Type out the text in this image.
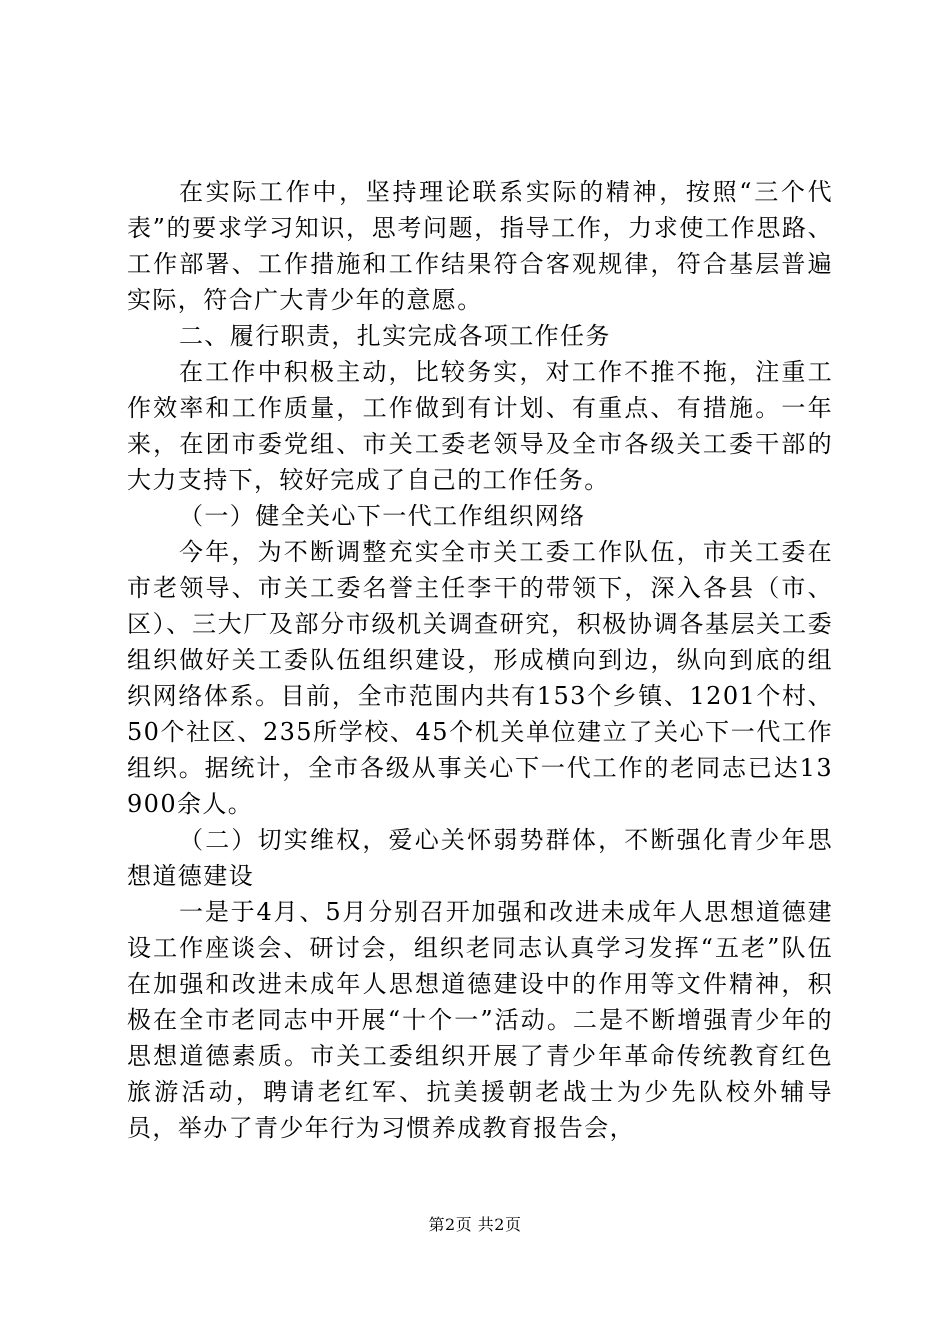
在实际工作中，坚持理论联系实际的精神，按照“三个代表”的要求学习知识，思考问题，指导工作，力求使工作思路、工作部署、工作措施和工作结果符合客观规律，符合基层普遍实际，符合广大青少年的意愿。

二、履行职责，扎实完成各项工作任务

在工作中积极主动，比较务实，对工作不推不拖，注重工作效率和工作质量，工作做到有计划、有重点、有措施。一年来，在团市委党组、市关工委老领导及全市各级关工委干部的大力支持下，较好完成了自己的工作任务。

（一）健全关心下一代工作组织网络

今年，为不断调整充实全市关工委工作队伍，市关工委在市老领导、市关工委名誉主任李干的带领下，深入各县（市、区）、三大厂及部分市级机关调查研究，积极协调各基层关工委组织做好关工委队伍组织建设，形成横向到边，纵向到底的组织网络体系。目前，全市范围内共有153个乡镇、1201个村、50个社区、235所学校、45个机关单位建立了关心下一代工作组织。据统计，全市各级从事关心下一代工作的老同志已达13900余人。

（二）切实维权，爱心关怀弱势群体，不断强化青少年思想道德建设

一是于4月、5月分别召开加强和改进未成年人思想道德建设工作座谈会、研讨会，组织老同志认真学习发挥“五老”队伍在加强和改进未成年人思想道德建设中的作用等文件精神，积极在全市老同志中开展“十个一”活动。二是不断增强青少年的思想道德素质。市关工委组织开展了青少年革命传统教育红色旅游活动，聘请老红军、抗美援朝老战士为少先队校外辅导员，举办了青少年行为习惯养成教育报告会，

第2页 共2页
